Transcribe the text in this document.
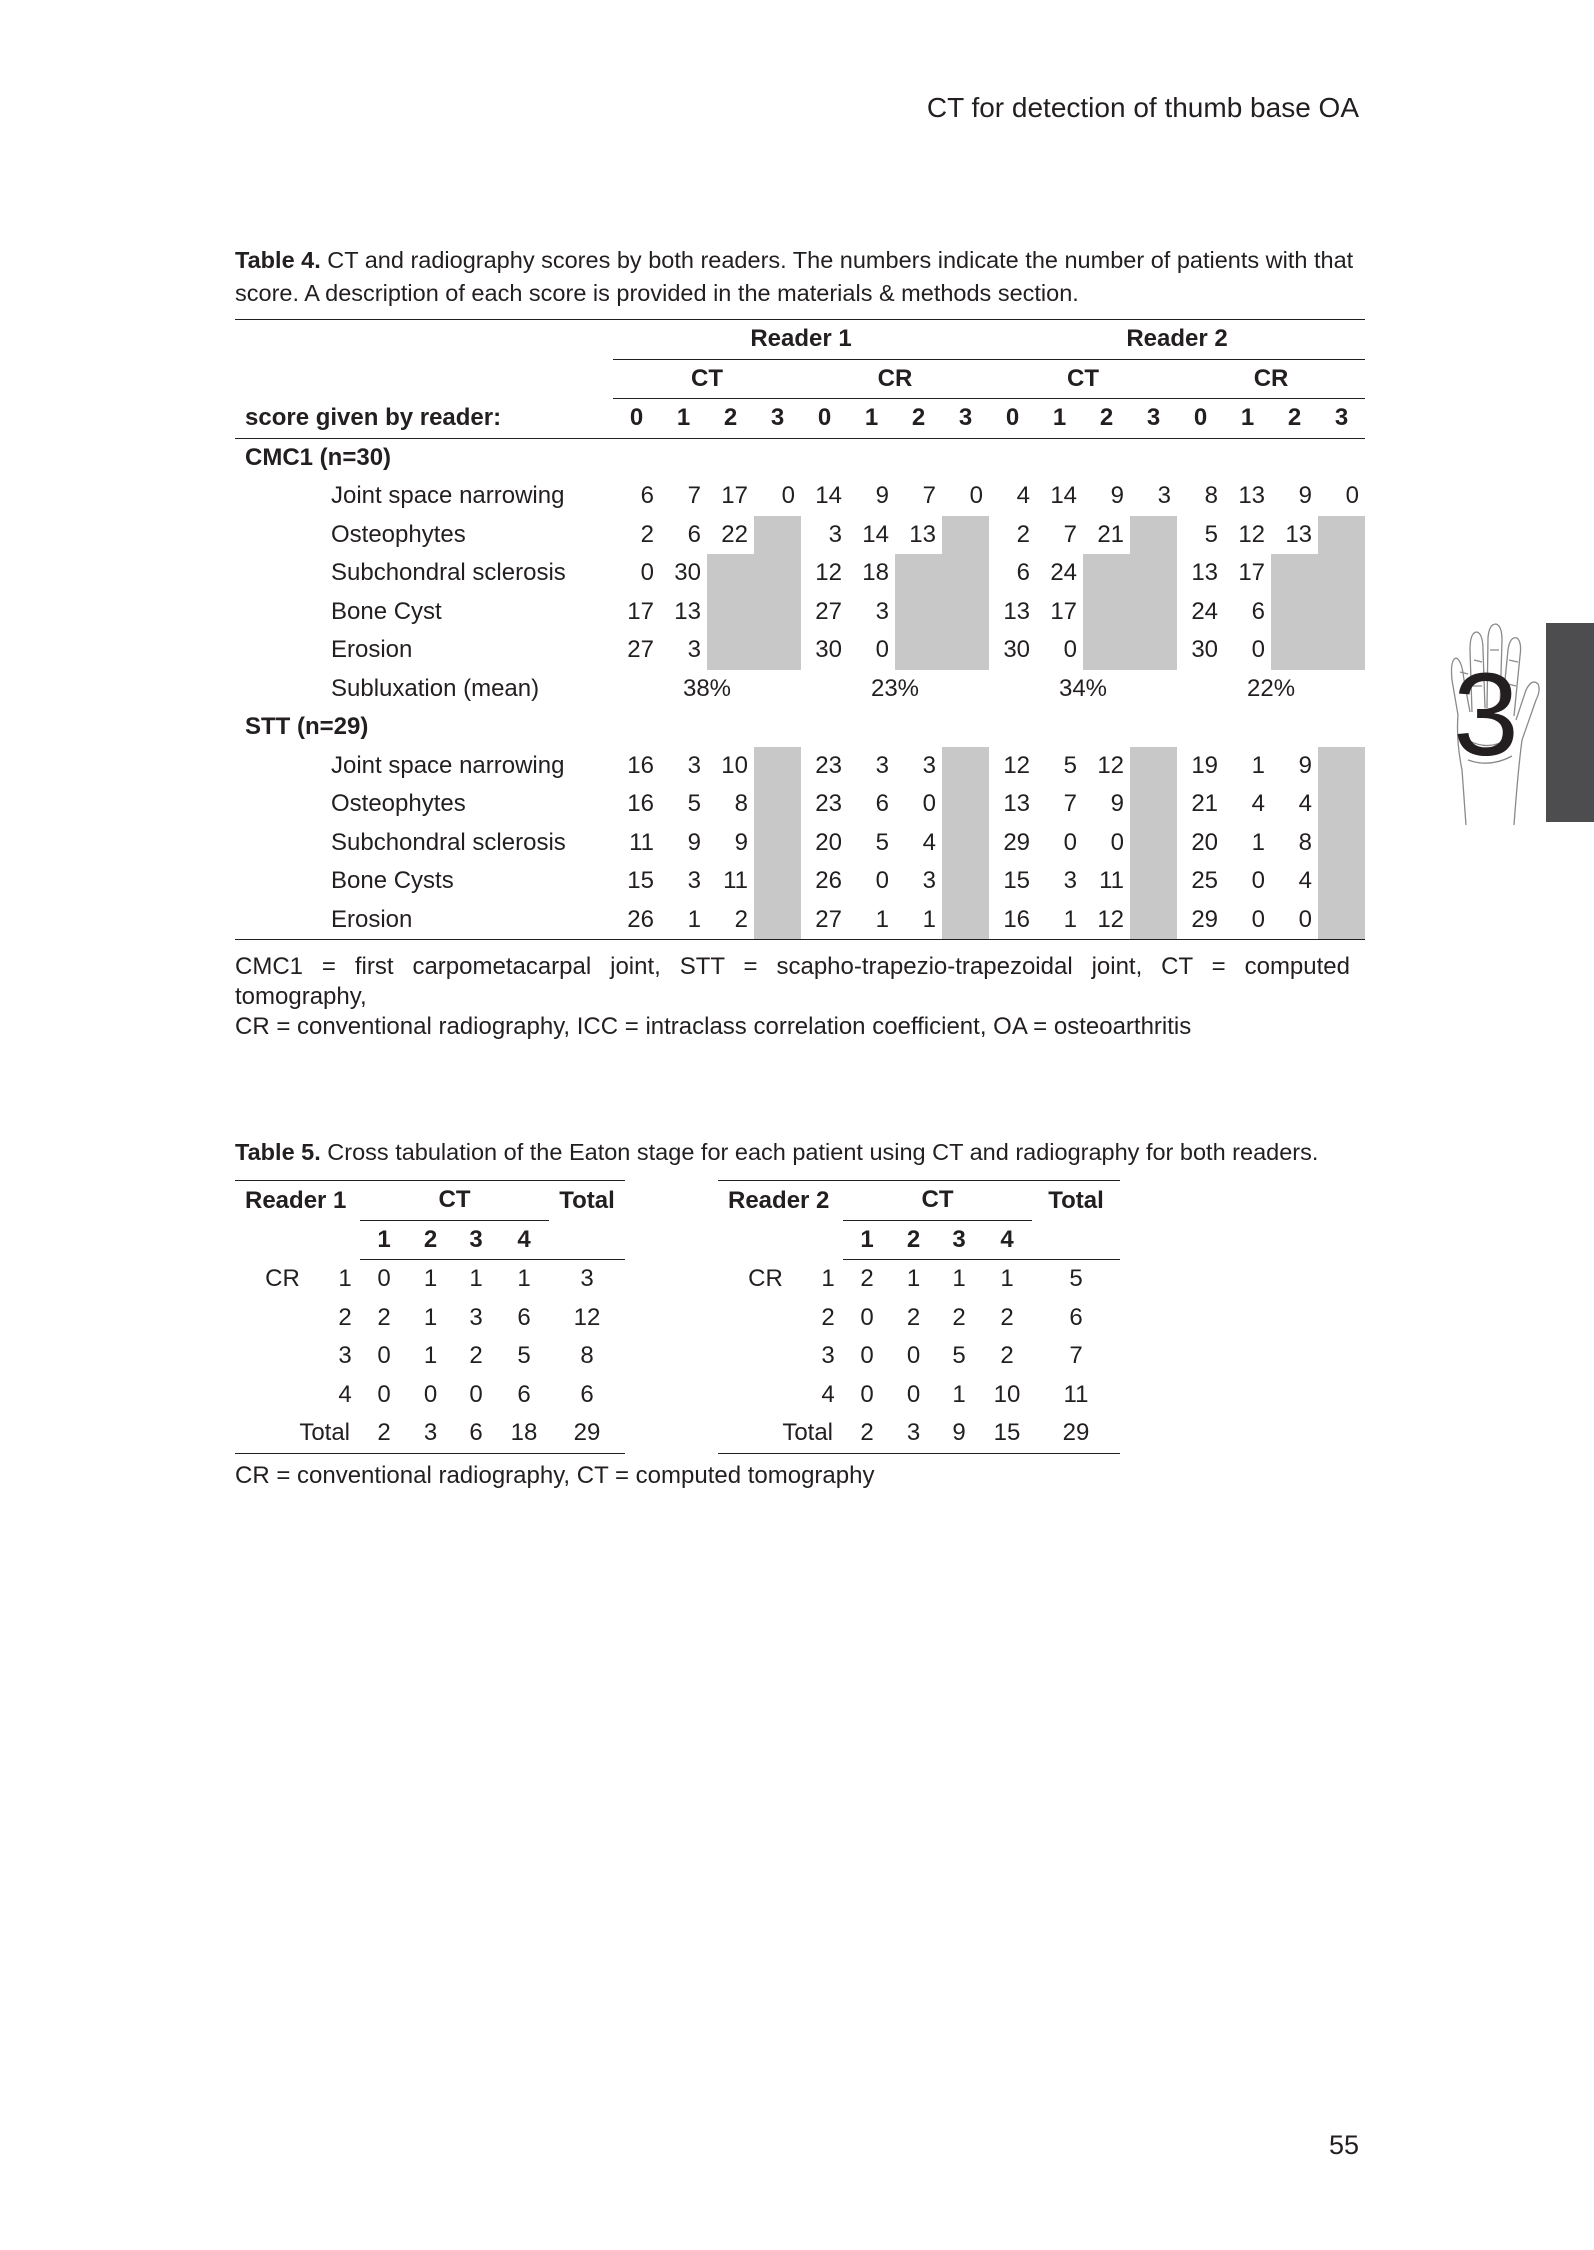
CT for detection of thumb base OA
Table 4. CT and radiography scores by both readers. The numbers indicate the number of patients with that score. A description of each score is provided in the materials & methods section.
	Reader 1								Reader 2							
	CT				CR				CT				CR			
score given by reader:	0	1	2	3	0	1	2	3	0	1	2	3	0	1	2	3
CMC1 (n=30)																
Joint space narrowing	6	7	17	0	14	9	7	0	4	14	9	3	8	13	9	0
Osteophytes	2	6	22		3	14	13		2	7	21		5	12	13	
Subchondral sclerosis	0	30			12	18			6	24			13	17		
Bone Cyst	17	13			27	3			13	17			24	6		
Erosion	27	3			30	0			30	0			30	0		
Subluxation (mean)	38%				23%				34%				22%			
STT (n=29)																
Joint space narrowing	16	3	10		23	3	3		12	5	12		19	1	9	
Osteophytes	16	5	8		23	6	0		13	7	9		21	4	4	
Subchondral sclerosis	11	9	9		20	5	4		29	0	0		20	1	8	
Bone Cysts	15	3	11		26	0	3		15	3	11		25	0	4	
Erosion	26	1	2		27	1	1		16	1	12		29	0	0	
CMC1 = first carpometacarpal joint, STT = scapho-trapezio-trapezoidal joint, CT = computed
tomography,
CR = conventional radiography, ICC = intraclass correlation coefficient, OA = osteoarthritis
Table 5. Cross tabulation of the Eaton stage for each patient using CT and radiography for both readers.
Reader 1		CT				Total
		1	2	3	4	
CR	1	0	1	1	1	3
	2	2	1	3	6	12
	3	0	1	2	5	8
	4	0	0	0	6	6
Total		2	3	6	18	29
Reader 2		CT				Total
		1	2	3	4	
CR	1	2	1	1	1	5
	2	0	2	2	2	6
	3	0	0	5	2	7
	4	0	0	1	10	11
Total		2	3	9	15	29
CR = conventional radiography, CT = computed tomography
3
55
